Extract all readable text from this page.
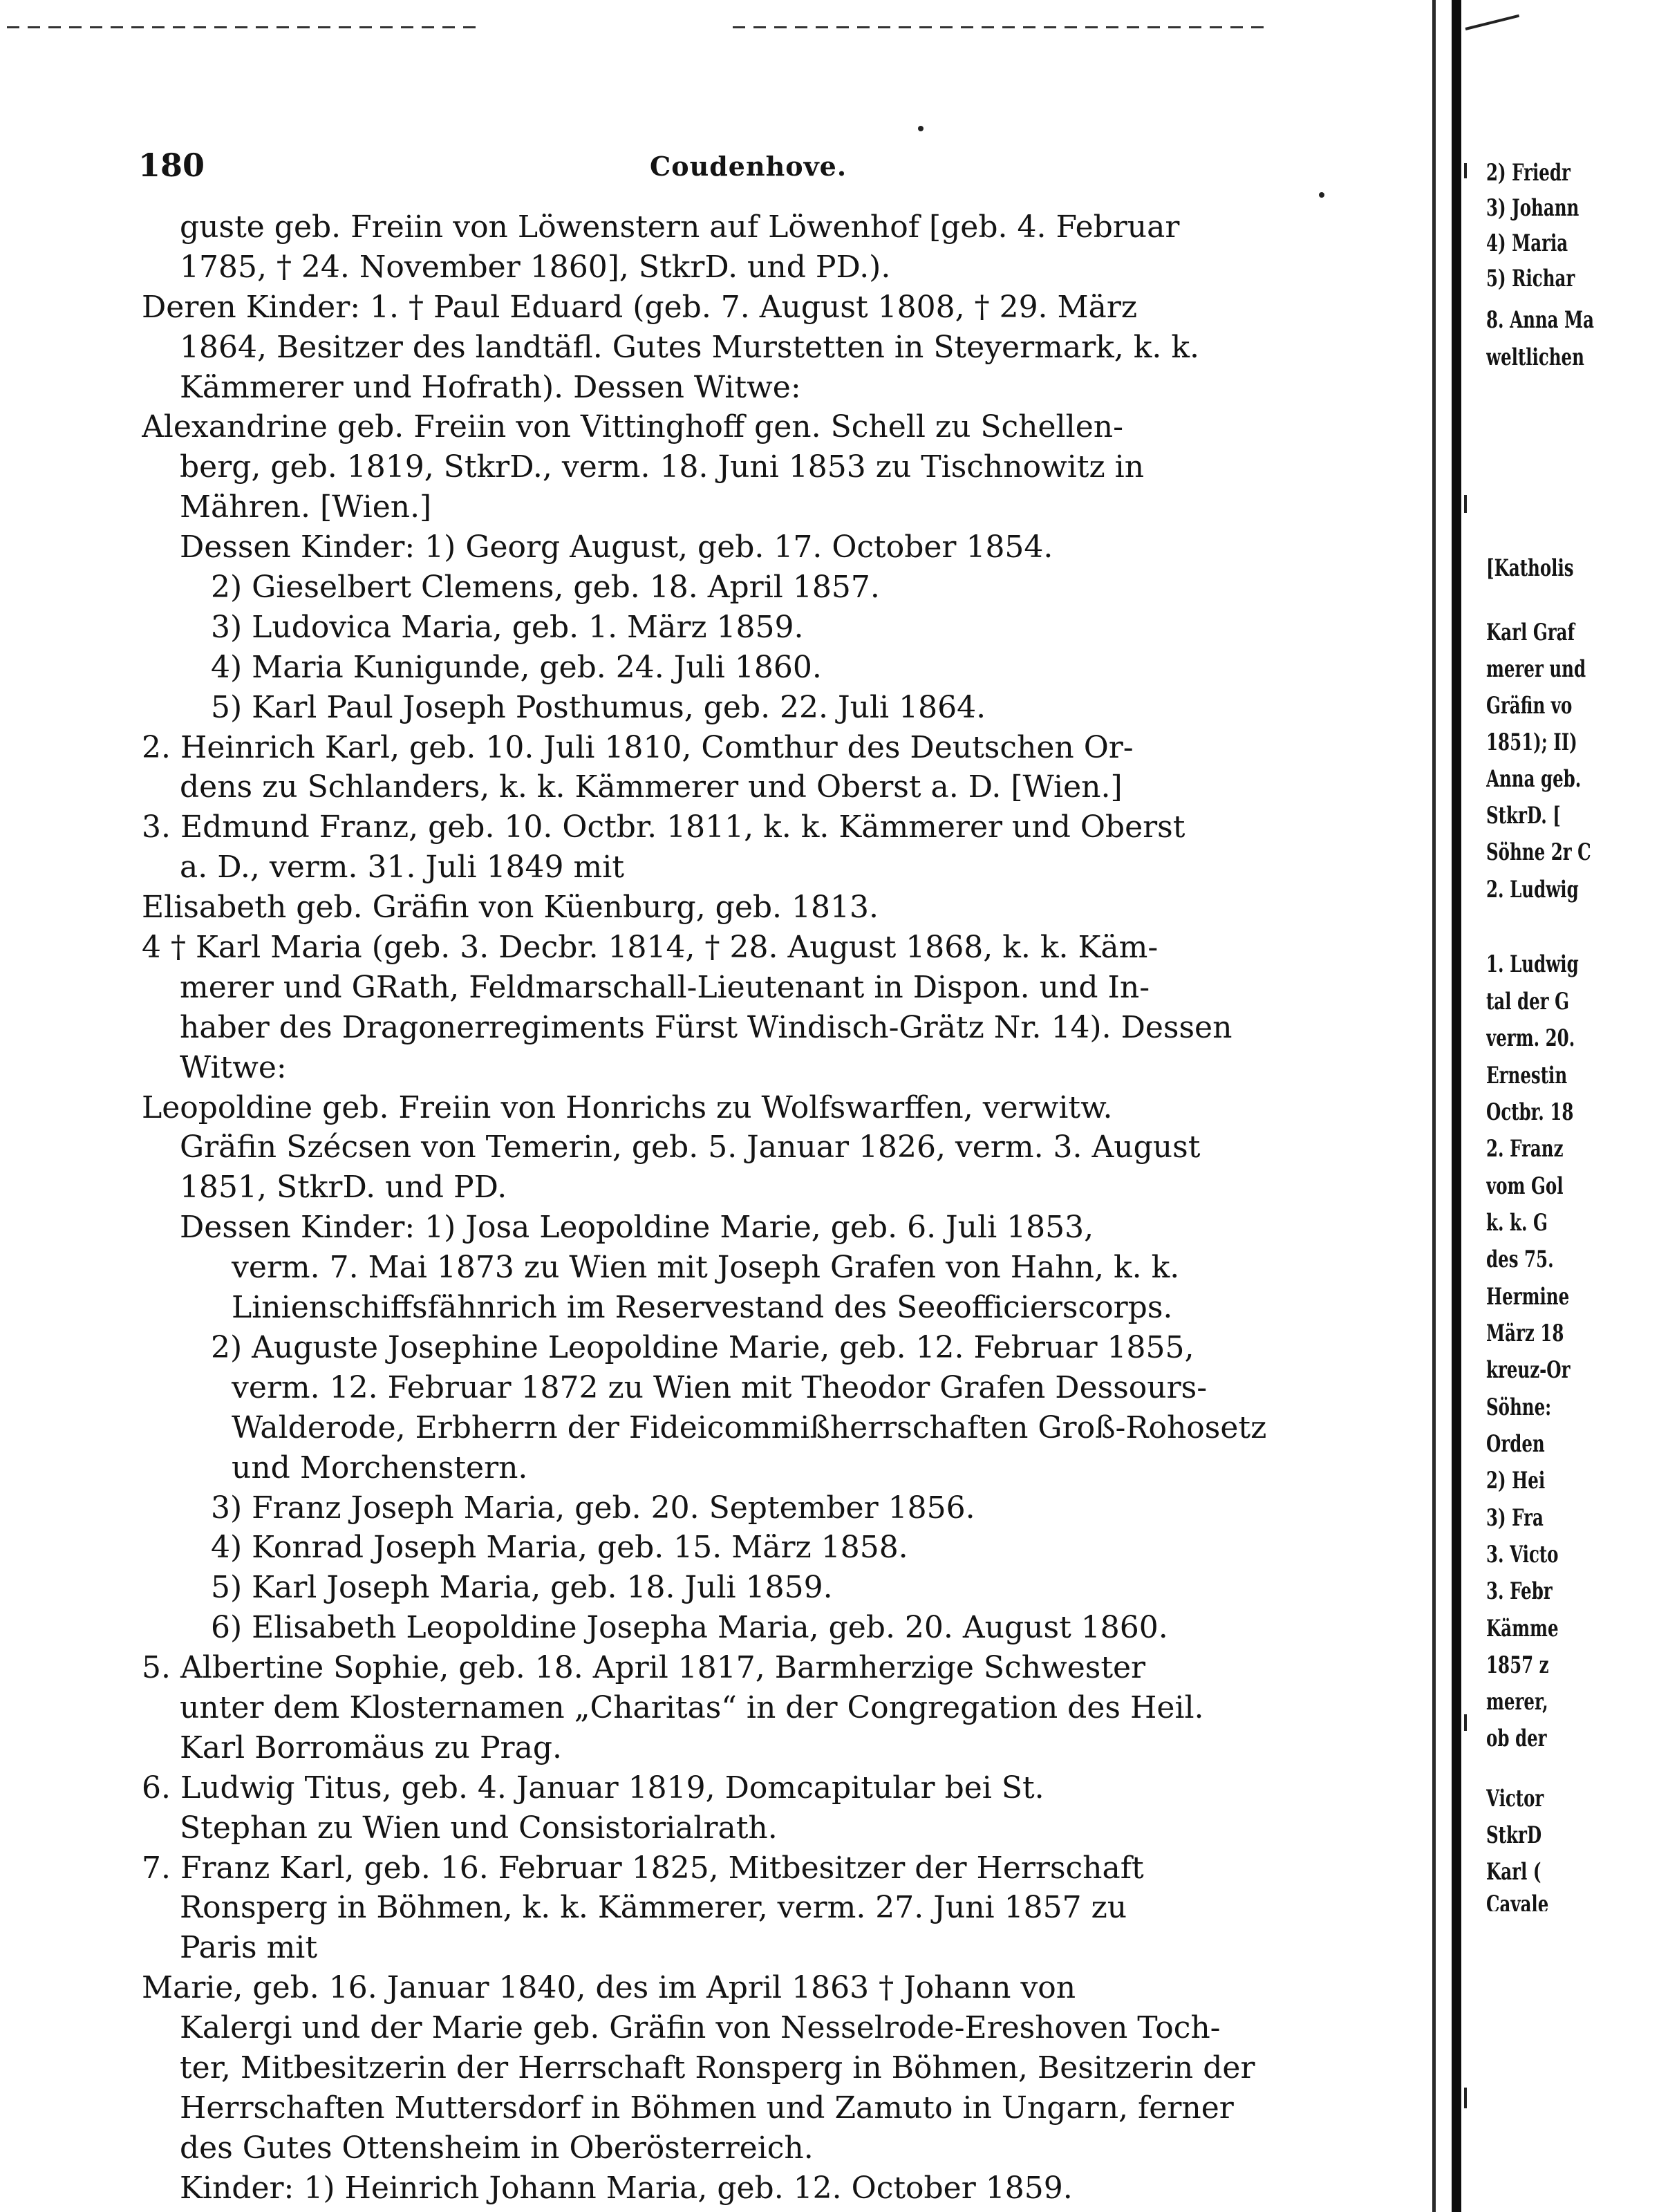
180	Coudenhove.
guste geb. Freiin von Löwenstern auf Löwenhof [geb. 4. Februar
1785, † 24. November 1860], StkrD. und PD.).
Deren Kinder: 1. † Paul Eduard (geb. 7. August 1808, † 29. März
1864, Besitzer des landtäfl. Gutes Murstetten in Steyermark, k. k.
Kämmerer und Hofrath). Dessen Witwe:
Alexandrine geb. Freiin von Vittinghoff gen. Schell zu Schellen-
berg, geb. 1819, StkrD., verm. 18. Juni 1853 zu Tischnowitz in
Mähren. [Wien.]
Dessen Kinder: 1) Georg August, geb. 17. October 1854.
2) Gieselbert Clemens, geb. 18. April 1857.
3) Ludovica Maria, geb. 1. März 1859.
4) Maria Kunigunde, geb. 24. Juli 1860.
5) Karl Paul Joseph Posthumus, geb. 22. Juli 1864.
2. Heinrich Karl, geb. 10. Juli 1810, Comthur des Deutschen Or-
dens zu Schlanders, k. k. Kämmerer und Oberst a. D. [Wien.]
3. Edmund Franz, geb. 10. Octbr. 1811, k. k. Kämmerer und Oberst
a. D., verm. 31. Juli 1849 mit
Elisabeth geb. Gräfin von Küenburg, geb. 1813.
4 † Karl Maria (geb. 3. Decbr. 1814, † 28. August 1868, k. k. Käm-
merer und GRath, Feldmarschall-Lieutenant in Dispon. und In-
haber des Dragonerregiments Fürst Windisch-Grätz Nr. 14). Dessen
Witwe:
Leopoldine geb. Freiin von Honrichs zu Wolfswarffen, verwitw.
Gräfin Szécsen von Temerin, geb. 5. Januar 1826, verm. 3. August
1851, StkrD. und PD.
Dessen Kinder: 1) Josa Leopoldine Marie, geb. 6. Juli 1853,
verm. 7. Mai 1873 zu Wien mit Joseph Grafen von Hahn, k. k.
Linienschiffsfähnrich im Reservestand des Seeofficierscorps.
2) Auguste Josephine Leopoldine Marie, geb. 12. Februar 1855,
verm. 12. Februar 1872 zu Wien mit Theodor Grafen Dessours-
Walderode, Erbherrn der Fideicommißherrschaften Groß-Rohosetz
und Morchenstern.
3) Franz Joseph Maria, geb. 20. September 1856.
4) Konrad Joseph Maria, geb. 15. März 1858.
5) Karl Joseph Maria, geb. 18. Juli 1859.
6) Elisabeth Leopoldine Josepha Maria, geb. 20. August 1860.
5. Albertine Sophie, geb. 18. April 1817, Barmherzige Schwester
unter dem Klosternamen „Charitas“ in der Congregation des Heil.
Karl Borromäus zu Prag.
6. Ludwig Titus, geb. 4. Januar 1819, Domcapitular bei St.
Stephan zu Wien und Consistorialrath.
7. Franz Karl, geb. 16. Februar 1825, Mitbesitzer der Herrschaft
Ronsperg in Böhmen, k. k. Kämmerer, verm. 27. Juni 1857 zu
Paris mit
Marie, geb. 16. Januar 1840, des im April 1863 † Johann von
Kalergi und der Marie geb. Gräfin von Nesselrode-Ereshoven Toch-
ter, Mitbesitzerin der Herrschaft Ronsperg in Böhmen, Besitzerin der
Herrschaften Muttersdorf in Böhmen und Zamuto in Ungarn, ferner
des Gutes Ottensheim in Oberösterreich.
Kinder: 1) Heinrich Johann Maria, geb. 12. October 1859.
2) Friedr
3) Johann
4) Maria
5) Richar
8. Anna Ma
weltlichen
[Katholis
Karl Graf
merer und
Gräfin vo
1851); II)
Anna geb.
StkrD. [
Söhne 2r C
2. Ludwig
1. Ludwig
tal der G
verm. 20.
Ernestin
Octbr. 18
2. Franz
vom Gol
k. k. G
des 75.
Hermine
März 18
kreuz-Or
Söhne:
Orden
2) Hei
3) Fra
3. Victo
3. Febr
Kämme
1857 z
merer,
ob der
Victor
StkrD
Karl (
Cavale
